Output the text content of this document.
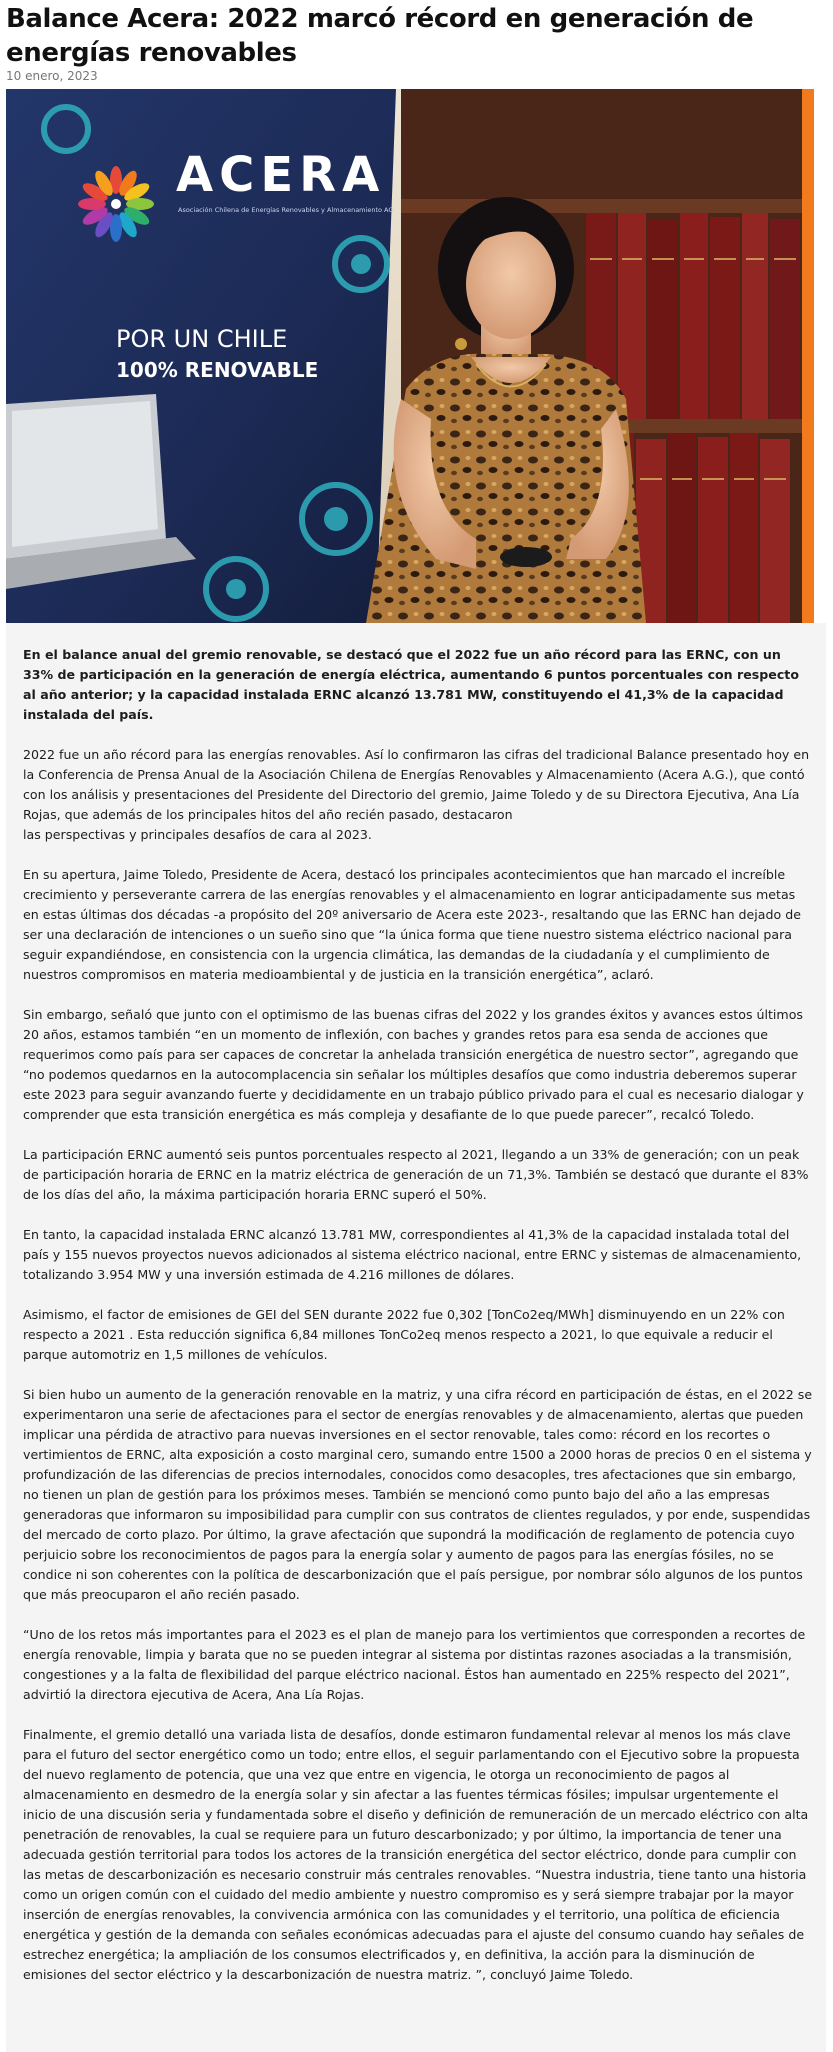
Balance Acera: 2022 marcó récord en generación de energías renovables
10 enero, 2023
ACERA
Asociación Chilena de Energías Renovables y Almacenamiento AG.
POR UN CHILE
100% RENOVABLE

En el balance anual del gremio renovable, se destacó que el 2022 fue un año récord para las ERNC, con un 33% de participación en la generación de energía eléctrica, aumentando 6 puntos porcentuales con respecto al año anterior; y la capacidad instalada ERNC alcanzó 13.781 MW, constituyendo el 41,3% de la capacidad instalada del país.

2022 fue un año récord para las energías renovables. Así lo confirmaron las cifras del tradicional Balance presentado hoy en la Conferencia de Prensa Anual de la Asociación Chilena de Energías Renovables y Almacenamiento (Acera A.G.), que contó con los análisis y presentaciones del Presidente del Directorio del gremio, Jaime Toledo y de su Directora Ejecutiva, Ana Lía Rojas, que además de los principales hitos del año recién pasado, destacaron
las perspectivas y principales desafíos de cara al 2023.

En su apertura, Jaime Toledo, Presidente de Acera, destacó los principales acontecimientos que han marcado el increíble crecimiento y perseverante carrera de las energías renovables y el almacenamiento en lograr anticipadamente sus metas en estas últimas dos décadas -a propósito del 20º aniversario de Acera este 2023-, resaltando que las ERNC han dejado de ser una declaración de intenciones o un sueño sino que “la única forma que tiene nuestro sistema eléctrico nacional para seguir expandiéndose, en consistencia con la urgencia climática, las demandas de la ciudadanía y el cumplimiento de nuestros compromisos en materia medioambiental y de justicia en la transición energética”, aclaró.

Sin embargo, señaló que junto con el optimismo de las buenas cifras del 2022 y los grandes éxitos y avances estos últimos 20 años, estamos también “en un momento de inflexión, con baches y grandes retos para esa senda de acciones que requerimos como país para ser capaces de concretar la anhelada transición energética de nuestro sector”, agregando que “no podemos quedarnos en la autocomplacencia sin señalar los múltiples desafíos que como industria deberemos superar este 2023 para seguir avanzando fuerte y decididamente en un trabajo público privado para el cual es necesario dialogar y comprender que esta transición energética es más compleja y desafiante de lo que puede parecer”, recalcó Toledo.

La participación ERNC aumentó seis puntos porcentuales respecto al 2021, llegando a un 33% de generación; con un peak de participación horaria de ERNC en la matriz eléctrica de generación de un 71,3%. También se destacó que durante el 83% de los días del año, la máxima participación horaria ERNC superó el 50%.

En tanto, la capacidad instalada ERNC alcanzó 13.781 MW, correspondientes al 41,3% de la capacidad instalada total del país y 155 nuevos proyectos nuevos adicionados al sistema eléctrico nacional, entre ERNC y sistemas de almacenamiento, totalizando 3.954 MW y una inversión estimada de 4.216 millones de dólares.

Asimismo, el factor de emisiones de GEI del SEN durante 2022 fue 0,302 [TonCo2eq/MWh] disminuyendo en un 22% con respecto a 2021 . Esta reducción significa 6,84 millones TonCo2eq menos respecto a 2021, lo que equivale a reducir el parque automotriz en 1,5 millones de vehículos.

Si bien hubo un aumento de la generación renovable en la matriz, y una cifra récord en participación de éstas, en el 2022 se experimentaron una serie de afectaciones para el sector de energías renovables y de almacenamiento, alertas que pueden implicar una pérdida de atractivo para nuevas inversiones en el sector renovable, tales como: récord en los recortes o vertimientos de ERNC, alta exposición a costo marginal cero, sumando entre 1500 a 2000 horas de precios 0 en el sistema y profundización de las diferencias de precios internodales, conocidos como desacoples, tres afectaciones que sin embargo, no tienen un plan de gestión para los próximos meses. También se mencionó como punto bajo del año a las empresas generadoras que informaron su imposibilidad para cumplir con sus contratos de clientes regulados, y por ende, suspendidas del mercado de corto plazo. Por último, la grave afectación que supondrá la modificación de reglamento de potencia cuyo perjuicio sobre los reconocimientos de pagos para la energía solar y aumento de pagos para las energías fósiles, no se condice ni son coherentes con la política de descarbonización que el país persigue, por nombrar sólo algunos de los puntos que más preocuparon el año recién pasado.

“Uno de los retos más importantes para el 2023 es el plan de manejo para los vertimientos que corresponden a recortes de energía renovable, limpia y barata que no se pueden integrar al sistema por distintas razones asociadas a la transmisión, congestiones y a la falta de flexibilidad del parque eléctrico nacional. Éstos han aumentado en 225% respecto del 2021”, advirtió la directora ejecutiva de Acera, Ana Lía Rojas.

Finalmente, el gremio detalló una variada lista de desafíos, donde estimaron fundamental relevar al menos los más clave para el futuro del sector energético como un todo; entre ellos, el seguir parlamentando con el Ejecutivo sobre la propuesta del nuevo reglamento de potencia, que una vez que entre en vigencia, le otorga un reconocimiento de pagos al almacenamiento en desmedro de la energía solar y sin afectar a las fuentes térmicas fósiles; impulsar urgentemente el inicio de una discusión seria y fundamentada sobre el diseño y definición de remuneración de un mercado eléctrico con alta penetración de renovables, la cual se requiere para un futuro descarbonizado; y por último, la importancia de tener una adecuada gestión territorial para todos los actores de la transición energética del sector eléctrico, donde para cumplir con las metas de descarbonización es necesario construir más centrales renovables. “Nuestra industria, tiene tanto una historia como un origen común con el cuidado del medio ambiente y nuestro compromiso es y será siempre trabajar por la mayor inserción de energías renovables, la convivencia armónica con las comunidades y el territorio, una política de eficiencia energética y gestión de la demanda con señales económicas adecuadas para el ajuste del consumo cuando hay señales de estrechez energética; la ampliación de los consumos electrificados y, en definitiva, la acción para la disminución de emisiones del sector eléctrico y la descarbonización de nuestra matriz. ”, concluyó Jaime Toledo.
